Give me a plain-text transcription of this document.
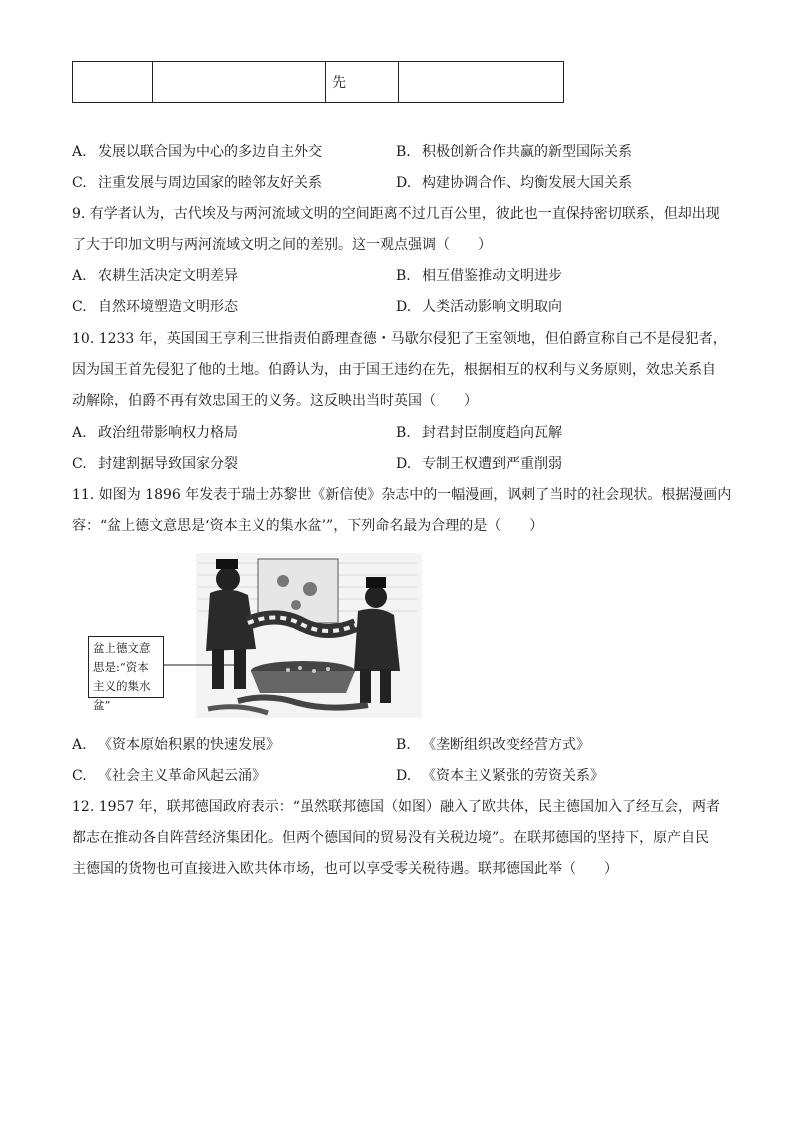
		先	
A. 发展以联合国为中心的多边自主外交	B. 积极创新合作共赢的新型国际关系
C. 注重发展与周边国家的睦邻友好关系	D. 构建协调合作、均衡发展大国关系
9. 有学者认为，古代埃及与两河流域文明的空间距离不过几百公里，彼此也一直保持密切联系，但却出现
了大于印加文明与两河流域文明之间的差别。这一观点强调（　　）
A. 农耕生活决定文明差异	B. 相互借鉴推动文明进步
C. 自然环境塑造文明形态	D. 人类活动影响文明取向
10. 1233 年，英国国王亨利三世指责伯爵理查德・马歇尔侵犯了王室领地，但伯爵宣称自己不是侵犯者，
因为国王首先侵犯了他的土地。伯爵认为，由于国王违约在先，根据相互的权利与义务原则，效忠关系自
动解除，伯爵不再有效忠国王的义务。这反映出当时英国（　　）
A. 政治纽带影响权力格局	B. 封君封臣制度趋向瓦解
C. 封建割据导致国家分裂	D. 专制王权遭到严重削弱
11. 如图为 1896 年发表于瑞士苏黎世《新信使》杂志中的一幅漫画，讽刺了当时的社会现状。根据漫画内
容：“盆上德文意思是‘资本主义的集水盆’”，下列命名最为合理的是（　　）
盆上德文意思是:“资本主义的集水盆”
A. 《资本原始积累的快速发展》	B. 《垄断组织改变经营方式》
C. 《社会主义革命风起云涌》	D. 《资本主义紧张的劳资关系》
12. 1957 年，联邦德国政府表示：“虽然联邦德国（如图）融入了欧共体，民主德国加入了经互会，两者
都志在推动各自阵营经济集团化。但两个德国间的贸易没有关税边境”。在联邦德国的坚持下，原产自民
主德国的货物也可直接进入欧共体市场，也可以享受零关税待遇。联邦德国此举（　　）
